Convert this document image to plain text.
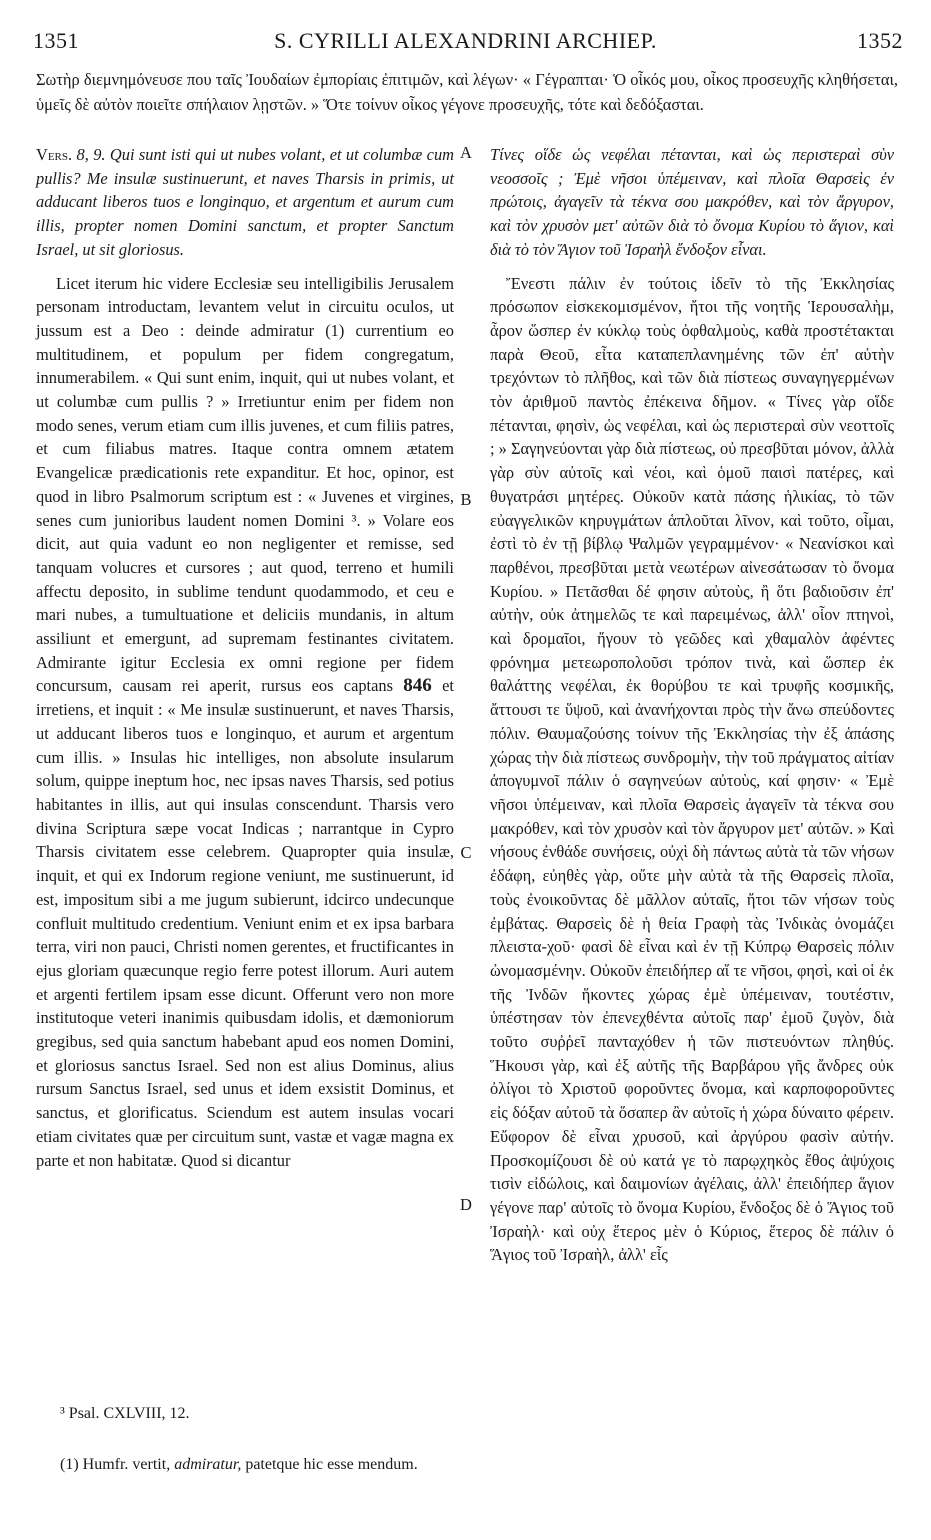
1351	S. CYRILLI ALEXANDRINI ARCHIEP.	1352
Σωτὴρ διεμνημόνευσε που ταῖς Ἰουδαίων ἐμπορίαις ἐπιτιμῶν, καὶ λέγων· « Γέγραπται· Ὁ οἶκός μου, οἶκος προσευχῆς κληθήσεται, ὑμεῖς δὲ αὐτὸν ποιεῖτε σπήλαιον λῃστῶν. » Ὅτε τοίνυν οἶκος γέγονε προσευχῆς, τότε καὶ δεδόξασται.

Vers. 8, 9. Qui sunt isti qui ut nubes volant, et ut columbæ cum pullis? Me insulæ sustinuerunt, et naves Tharsis in primis, ut adducant liberos tuos e longinquo, et argentum et aurum cum illis, propter nomen Domini sanctum, et propter Sanctum Israel, ut sit gloriosus.

Licet iterum hic videre Ecclesiæ seu intelligibilis Jerusalem personam introductam, levantem velut in circuitu oculos, ut jussum est a Deo : deinde admiratur (1) currentium eo multitudinem, et populum per fidem congregatum, innumerabilem. « Qui sunt enim, inquit, qui ut nubes volant, et ut columbæ cum pullis ? » Irretiuntur enim per fidem non modo senes, verum etiam cum illis juvenes, et cum filiis patres, et cum filiabus matres. Itaque contra omnem ætatem Evangelicæ prædicationis rete expanditur. Et hoc, opinor, est quod in libro Psalmorum scriptum est : « Juvenes et virgines, senes cum junioribus laudent nomen Domini ³. » Volare eos dicit, aut quia vadunt eo non negligenter et remisse, sed tanquam volucres et cursores ; aut quod, terreno et humili affectu deposito, in sublime tendunt quodammodo, et ceu e mari nubes, a tumultuatione et deliciis mundanis, in altum assiliunt et emergunt, ad supremam festinantes civitatem. Admirante igitur Ecclesia ex omni regione per fidem concursum, causam rei aperit, rursus eos captans 846 et irretiens, et inquit : « Me insulæ sustinuerunt, et naves Tharsis, ut adducant liberos tuos e longinquo, et aurum et argentum cum illis. » Insulas hic intelliges, non absolute insularum solum, quippe ineptum hoc, nec ipsas naves Tharsis, sed potius habitantes in illis, aut qui insulas conscendunt. Tharsis vero divina Scriptura sæpe vocat Indicas ; narrantque in Cypro Tharsis civitatem esse celebrem. Quapropter quia insulæ, inquit, et qui ex Indorum regione veniunt, me sustinuerunt, id est, impositum sibi a me jugum subierunt, idcirco undecunque confluit multitudo credentium. Veniunt enim et ex ipsa barbara terra, viri non pauci, Christi nomen gerentes, et fructificantes in ejus gloriam quæcunque regio ferre potest illorum. Auri autem et argenti fertilem ipsam esse dicunt. Offerunt vero non more institutoque veteri inanimis quibusdam idolis, et dæmoniorum gregibus, sed quia sanctum habebant apud eos nomen Domini, et gloriosus sanctus Israel. Sed non est alius Dominus, alius rursum Sanctus Israel, sed unus et idem exsistit Dominus, et sanctus, et glorificatus. Sciendum est autem insulas vocari etiam civitates quæ per circuitum sunt, vastæ et vagæ magna ex parte et non habitatæ. Quod si dicantur

A
B
C
D

Τίνες οἵδε ὡς νεφέλαι πέτανται, καὶ ὡς περιστεραὶ σὺν νεοσσοῖς ; Ἐμὲ νῆσοι ὑπέμειναν, καὶ πλοῖα Θαρσεὶς ἐν πρώτοις, ἀγαγεῖν τὰ τέκνα σου μακρόθεν, καὶ τὸν ἄργυρον, καὶ τὸν χρυσὸν μετ' αὐτῶν διὰ τὸ ὄνομα Κυρίου τὸ ἅγιον, καὶ διὰ τὸ τὸν Ἅγιον τοῦ Ἰσραὴλ ἔνδοξον εἶναι.

Ἔνεστι πάλιν ἐν τούτοις ἰδεῖν τὸ τῆς Ἐκκλησίας πρόσωπον εἰσκεκομισμένον, ἤτοι τῆς νοητῆς Ἱερουσαλὴμ, ἆρον ὥσπερ ἐν κύκλῳ τοὺς ὀφθαλμοὺς, καθὰ προστέτακται παρὰ Θεοῦ, εἶτα καταπεπλανημένης τῶν ἐπ' αὐτὴν τρεχόντων τὸ πλῆθος, καὶ τῶν διὰ πίστεως συναγηγερμένων τὸν ἀριθμοῦ παντὸς ἐπέκεινα δῆμον. « Τίνες γὰρ οἵδε πέτανται, φησὶν, ὡς νεφέλαι, καὶ ὡς περιστεραὶ σὺν νεοττοῖς ; » Σαγηνεύονται γὰρ διὰ πίστεως, οὐ πρεσβῦται μόνον, ἀλλὰ γὰρ σὺν αὐτοῖς καὶ νέοι, καὶ ὁμοῦ παισὶ πατέρες, καὶ θυγατράσι μητέρες. Οὐκοῦν κατὰ πάσης ἡλικίας, τὸ τῶν εὐαγγελικῶν κηρυγμάτων ἁπλοῦται λῖνον, καὶ τοῦτο, οἶμαι, ἐστὶ τὸ ἐν τῇ βίβλῳ Ψαλμῶν γεγραμμένον· « Νεανίσκοι καὶ παρθένοι, πρεσβῦται μετὰ νεωτέρων αἰνεσάτωσαν τὸ ὄνομα Κυρίου. » Πετᾶσθαι δέ φησιν αὐτοὺς, ἢ ὅτι βαδιοῦσιν ἐπ' αὐτὴν, οὐκ ἀτημελῶς τε καὶ παρειμένως, ἀλλ' οἷον πτηνοὶ, καὶ δρομαῖοι, ἤγουν τὸ γεῶδες καὶ χθαμαλὸν ἀφέντες φρόνημα μετεωροπολοῦσι τρόπον τινὰ, καὶ ὥσπερ ἐκ θαλάττης νεφέλαι, ἐκ θορύβου τε καὶ τρυφῆς κοσμικῆς, ἄττουσι τε ὕψοῦ, καὶ ἀνανήχονται πρὸς τὴν ἄνω σπεύδοντες πόλιν. Θαυμαζούσης τοίνυν τῆς Ἐκκλησίας τὴν ἐξ ἁπάσης χώρας τὴν διὰ πίστεως συνδρομὴν, τὴν τοῦ πράγματος αἰτίαν ἀπογυμνοῖ πάλιν ὁ σαγηνεύων αὐτοὺς, καί φησιν· « Ἐμὲ νῆσοι ὑπέμειναν, καὶ πλοῖα Θαρσεὶς ἀγαγεῖν τὰ τέκνα σου μακρόθεν, καὶ τὸν χρυσὸν καὶ τὸν ἄργυρον μετ' αὐτῶν. » Καὶ νήσους ἐνθάδε συνήσεις, οὐχὶ δὴ πάντως αὐτὰ τὰ τῶν νήσων ἐδάφη, εὐηθὲς γὰρ, οὔτε μὴν αὐτὰ τὰ τῆς Θαρσεὶς πλοῖα, τοὺς ἐνοικοῦντας δὲ μᾶλλον αὐταῖς, ἤτοι τῶν νήσων τοὺς ἐμβάτας. Θαρσεὶς δὲ ἡ θεία Γραφὴ τὰς Ἰνδικὰς ὀνομάζει πλειστα-χοῦ· φασὶ δὲ εἶναι καὶ ἐν τῇ Κύπρῳ Θαρσεὶς πόλιν ὠνομασμένην. Οὐκοῦν ἐπειδήπερ αἵ τε νῆσοι, φησὶ, καὶ οἱ ἐκ τῆς Ἰνδῶν ἥκοντες χώρας ἐμὲ ὑπέμειναν, τουτέστιν, ὑπέστησαν τὸν ἐπενεχθέντα αὐτοῖς παρ' ἐμοῦ ζυγὸν, διὰ τοῦτο συῤῥεῖ πανταχόθεν ἡ τῶν πιστευόντων πληθύς. Ἥκουσι γὰρ, καὶ ἐξ αὐτῆς τῆς Βαρβάρου γῆς ἄνδρες οὐκ ὀλίγοι τὸ Χριστοῦ φοροῦντες ὄνομα, καὶ καρποφοροῦντες εἰς δόξαν αὐτοῦ τὰ ὅσαπερ ἂν αὐτοῖς ἡ χώρα δύναιτο φέρειν. Εὔφορον δὲ εἶναι χρυσοῦ, καὶ ἀργύρου φασὶν αὐτήν. Προσκομίζουσι δὲ οὐ κατά γε τὸ παρῳχηκὸς ἔθος ἀψύχοις τισὶν εἰδώλοις, καὶ δαιμονίων ἀγέλαις, ἀλλ' ἐπειδήπερ ἅγιον γέγονε παρ' αὐτοῖς τὸ ὄνομα Κυρίου, ἔνδοξος δὲ ὁ Ἅγιος τοῦ Ἰσραὴλ· καὶ οὐχ ἕτερος μὲν ὁ Κύριος, ἕτερος δὲ πάλιν ὁ Ἅγιος τοῦ Ἰσραὴλ, ἀλλ' εἷς

³ Psal. CXLVIII, 12.
(1) Humfr. vertit, admiratur, patetque hic esse mendum.
